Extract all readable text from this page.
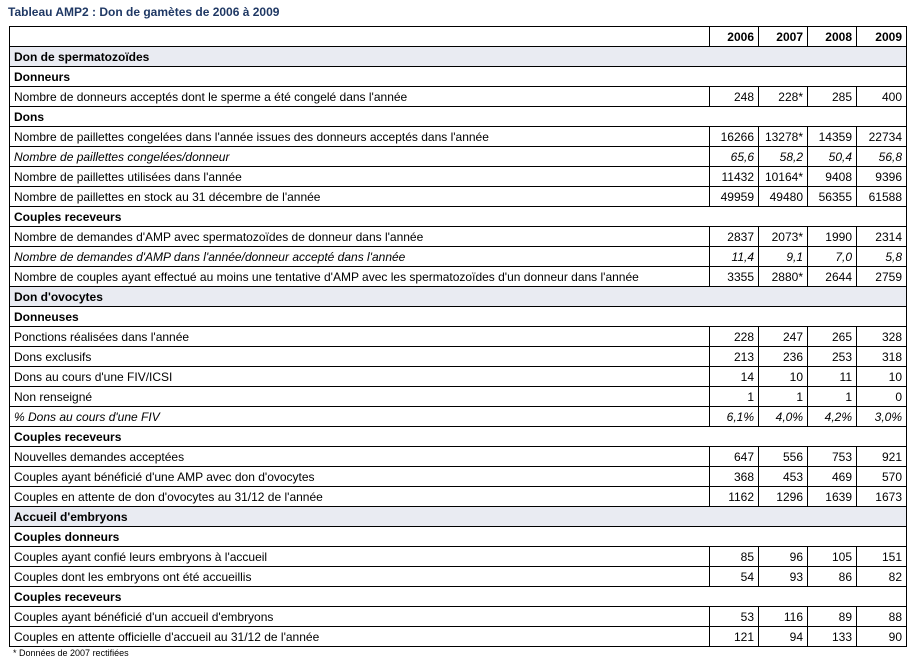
Tableau AMP2 : Don de gamètes de 2006 à 2009
	2006	2007	2008	2009
Don de spermatozoïdes				
Donneurs				
Nombre de donneurs acceptés dont le sperme a été congelé dans l'année	248	228*	285	400
Dons				
Nombre de paillettes congelées dans l'année issues des donneurs acceptés dans l'année	16266	13278*	14359	22734
Nombre de paillettes congelées/donneur	65,6	58,2	50,4	56,8
Nombre de paillettes utilisées dans l'année	11432	10164*	9408	9396
Nombre de paillettes en stock au 31 décembre de l'année	49959	49480	56355	61588
Couples receveurs				
Nombre de demandes d'AMP avec spermatozoïdes de donneur dans l'année	2837	2073*	1990	2314
Nombre de demandes d'AMP dans l'année/donneur accepté dans l'année	11,4	9,1	7,0	5,8
Nombre de couples ayant effectué au moins une tentative d'AMP avec les spermatozoïdes d'un donneur dans l'année	3355	2880*	2644	2759
Don d'ovocytes				
Donneuses				
Ponctions réalisées dans l'année	228	247	265	328
Dons exclusifs	213	236	253	318
Dons au cours d'une FIV/ICSI	14	10	11	10
Non renseigné	1	1	1	0
% Dons au cours d'une FIV	6,1%	4,0%	4,2%	3,0%
Couples receveurs				
Nouvelles demandes acceptées	647	556	753	921
Couples ayant bénéficié d'une AMP avec don d'ovocytes	368	453	469	570
Couples en attente de don d'ovocytes au 31/12 de l'année	1162	1296	1639	1673
Accueil d'embryons				
Couples donneurs				
Couples ayant confié leurs embryons à l'accueil	85	96	105	151
Couples dont les embryons ont été accueillis	54	93	86	82
Couples receveurs				
Couples ayant bénéficié d'un accueil d'embryons	53	116	89	88
Couples en attente officielle d'accueil au 31/12 de l'année	121	94	133	90
* Données de 2007 rectifiées
